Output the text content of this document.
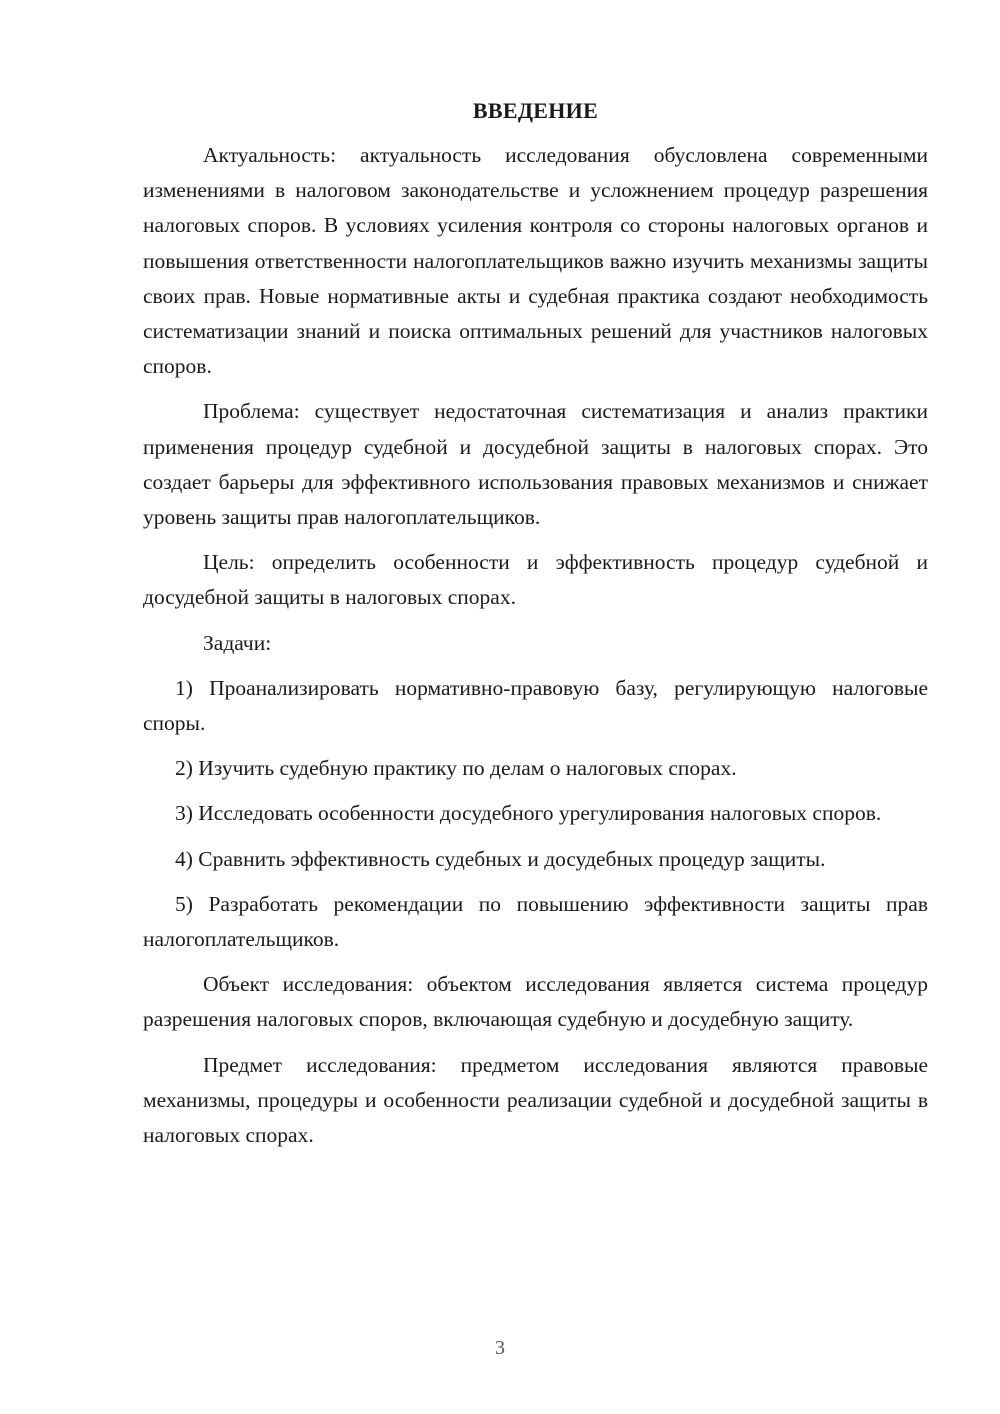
ВВЕДЕНИЕ

Актуальность: актуальность исследования обусловлена современными изменениями в налоговом законодательстве и усложнением процедур разрешения налоговых споров. В условиях усиления контроля со стороны налоговых органов и повышения ответственности налогоплательщиков важно изучить механизмы защиты своих прав. Новые нормативные акты и судебная практика создают необходимость систематизации знаний и поиска оптимальных решений для участников налоговых споров.

Проблема: существует недостаточная систематизация и анализ практики применения процедур судебной и досудебной защиты в налоговых спорах. Это создает барьеры для эффективного использования правовых механизмов и снижает уровень защиты прав налогоплательщиков.

Цель: определить особенности и эффективность процедур судебной и досудебной защиты в налоговых спорах.

Задачи:

1) Проанализировать нормативно-правовую базу, регулирующую налоговые споры.

2) Изучить судебную практику по делам о налоговых спорах.

3) Исследовать особенности досудебного урегулирования налоговых споров.

4) Сравнить эффективность судебных и досудебных процедур защиты.

5) Разработать рекомендации по повышению эффективности защиты прав налогоплательщиков.

Объект исследования: объектом исследования является система процедур разрешения налоговых споров, включающая судебную и досудебную защиту.

Предмет исследования: предметом исследования являются правовые механизмы, процедуры и особенности реализации судебной и досудебной защиты в налоговых спорах.

3
